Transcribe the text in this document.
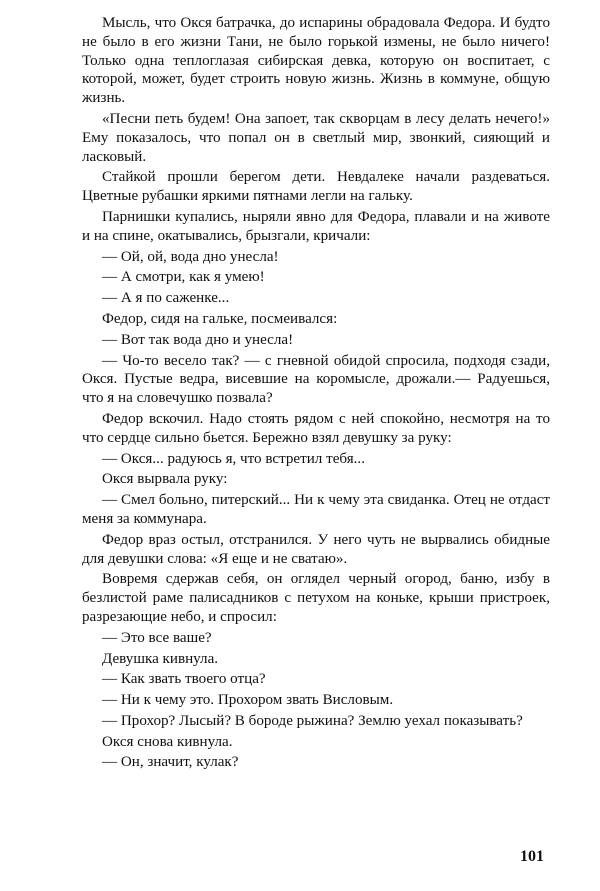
Мысль, что Окся батрачка, до испарины обрадовала Федора. И будто не было в его жизни Тани, не было горькой измены, не было ничего! Только одна теплоглазая сибирская девка, которую он воспитает, с которой, может, будет строить новую жизнь. Жизнь в коммуне, общую жизнь.

«Песни петь будем! Она запоет, так скворцам в лесу делать нечего!» Ему показалось, что попал он в светлый мир, звонкий, сияющий и ласковый.

Стайкой прошли берегом дети. Невдалеке начали раздеваться. Цветные рубашки яркими пятнами легли на гальку.

Парнишки купались, ныряли явно для Федора, плавали и на животе и на спине, окатывались, брызгали, кричали:

— Ой, ой, вода дно унесла!

— А смотри, как я умею!

— А я по саженке...

Федор, сидя на гальке, посмеивался:

— Вот так вода дно и унесла!

— Чо-то весело так? — с гневной обидой спросила, подходя сзади, Окся. Пустые ведра, висевшие на коромысле, дрожали.— Радуешься, что я на словечушко позвала?

Федор вскочил. Надо стоять рядом с ней спокойно, несмотря на то что сердце сильно бьется. Бережно взял девушку за руку:

— Окся... радуюсь я, что встретил тебя...

Окся вырвала руку:

— Смел больно, питерский... Ни к чему эта свиданка. Отец не отдаст меня за коммунара.

Федор враз остыл, отстранился. У него чуть не вырвались обидные для девушки слова: «Я еще и не сватаю».

Вовремя сдержав себя, он оглядел черный огород, баню, избу в безлистой раме палисадников с петухом на коньке, крыши пристроек, разрезающие небо, и спросил:

— Это все ваше?

Девушка кивнула.

— Как звать твоего отца?

— Ни к чему это. Прохором звать Висловым.

— Прохор? Лысый? В бороде рыжина? Землю уехал показывать?

Окся снова кивнула.

— Он, значит, кулак?

101
